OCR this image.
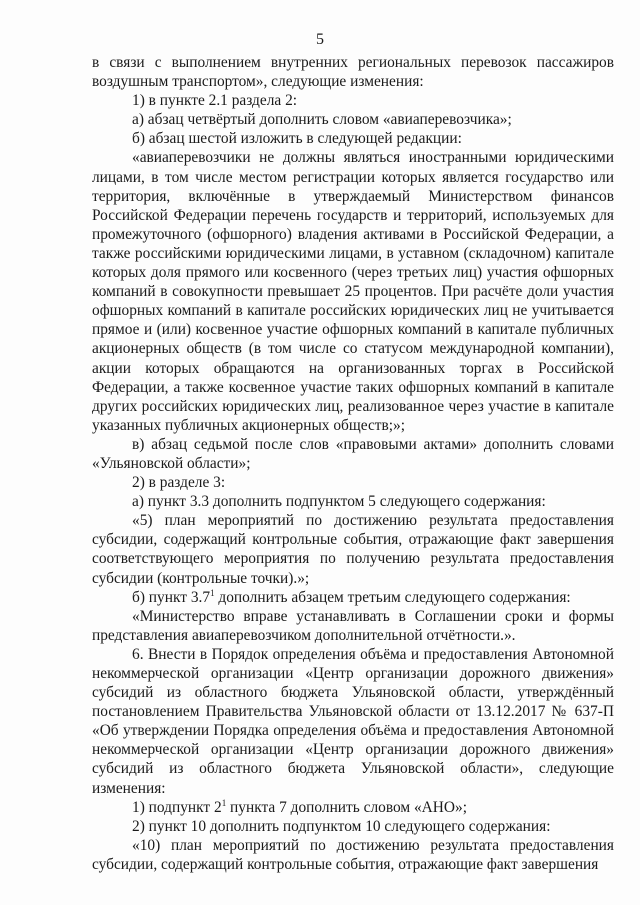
5

в связи с выполнением внутренних региональных перевозок пассажиров воздушным транспортом», следующие изменения:

1) в пункте 2.1 раздела 2:

а) абзац четвёртый дополнить словом «авиаперевозчика»;

б) абзац шестой изложить в следующей редакции:

«авиаперевозчики не должны являться иностранными юридическими лицами, в том числе местом регистрации которых является государство или территория, включённые в утверждаемый Министерством финансов Российской Федерации перечень государств и территорий, используемых для промежуточного (офшорного) владения активами в Российской Федерации, а также российскими юридическими лицами, в уставном (складочном) капитале которых доля прямого или косвенного (через третьих лиц) участия офшорных компаний в совокупности превышает 25 процентов. При расчёте доли участия офшорных компаний в капитале российских юридических лиц не учитывается прямое и (или) косвенное участие офшорных компаний в капитале публичных акционерных обществ (в том числе со статусом международной компании), акции которых обращаются на организованных торгах в Российской Федерации, а также косвенное участие таких офшорных компаний в капитале других российских юридических лиц, реализованное через участие в капитале указанных публичных акционерных обществ;»;

в) абзац седьмой после слов «правовыми актами» дополнить словами «Ульяновской области»;

2) в разделе 3:

а) пункт 3.3 дополнить подпунктом 5 следующего содержания:

«5) план мероприятий по достижению результата предоставления субсидии, содержащий контрольные события, отражающие факт завершения соответствующего мероприятия по получению результата предоставления субсидии (контрольные точки).»;

б) пункт $3.7^1$ дополнить абзацем третьим следующего содержания:

«Министерство вправе устанавливать в Соглашении сроки и формы представления авиаперевозчиком дополнительной отчётности.».

6. Внести в Порядок определения объёма и предоставления Автономной некоммерческой организации «Центр организации дорожного движения» субсидий из областного бюджета Ульяновской области, утверждённый постановлением Правительства Ульяновской области от 13.12.2017 № 637-П «Об утверждении Порядка определения объёма и предоставления Автономной некоммерческой организации «Центр организации дорожного движения» субсидий из областного бюджета Ульяновской области», следующие изменения:

1) подпункт $2^1$ пункта 7 дополнить словом «АНО»;

2) пункт 10 дополнить подпунктом 10 следующего содержания:

«10) план мероприятий по достижению результата предоставления субсидии, содержащий контрольные события, отражающие факт завершения
